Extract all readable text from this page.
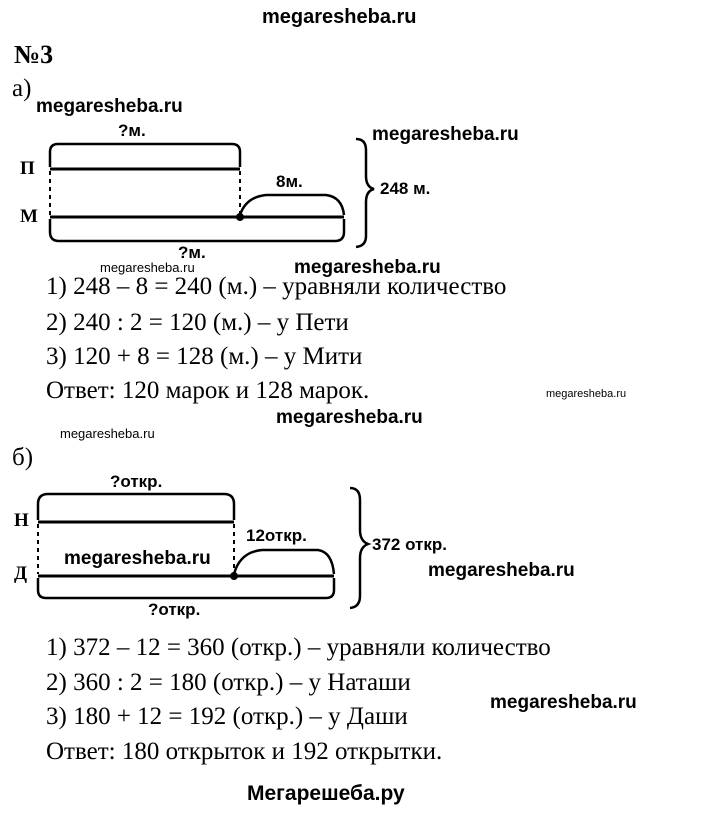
megaresheba.ru
Мегарешеба.ру
№3
а)
б)
?м.
?м.
8м.	248 м.
П
М
?откр.
?откр.
12откр.	372 откр.
Н
Д
1) 248 – 8 = 240 (м.) – уравняли количество
2) 240 : 2 = 120 (м.) – у Пети
3) 120 + 8 = 128 (м.) – у Мити
Ответ: 120 марок и 128 марок.
1) 372 – 12 = 360 (откр.) – уравняли количество
2) 360 : 2 = 180 (откр.) – у Наташи
3) 180 + 12 = 192 (откр.) – у Даши
Ответ: 180 открыток и 192 открытки.
megaresheba.ru
megaresheba.ru
megaresheba.ru	megaresheba.ru
megaresheba.ru
megaresheba.ru
megaresheba.ru
megaresheba.ru
megaresheba.ru
megaresheba.ru
